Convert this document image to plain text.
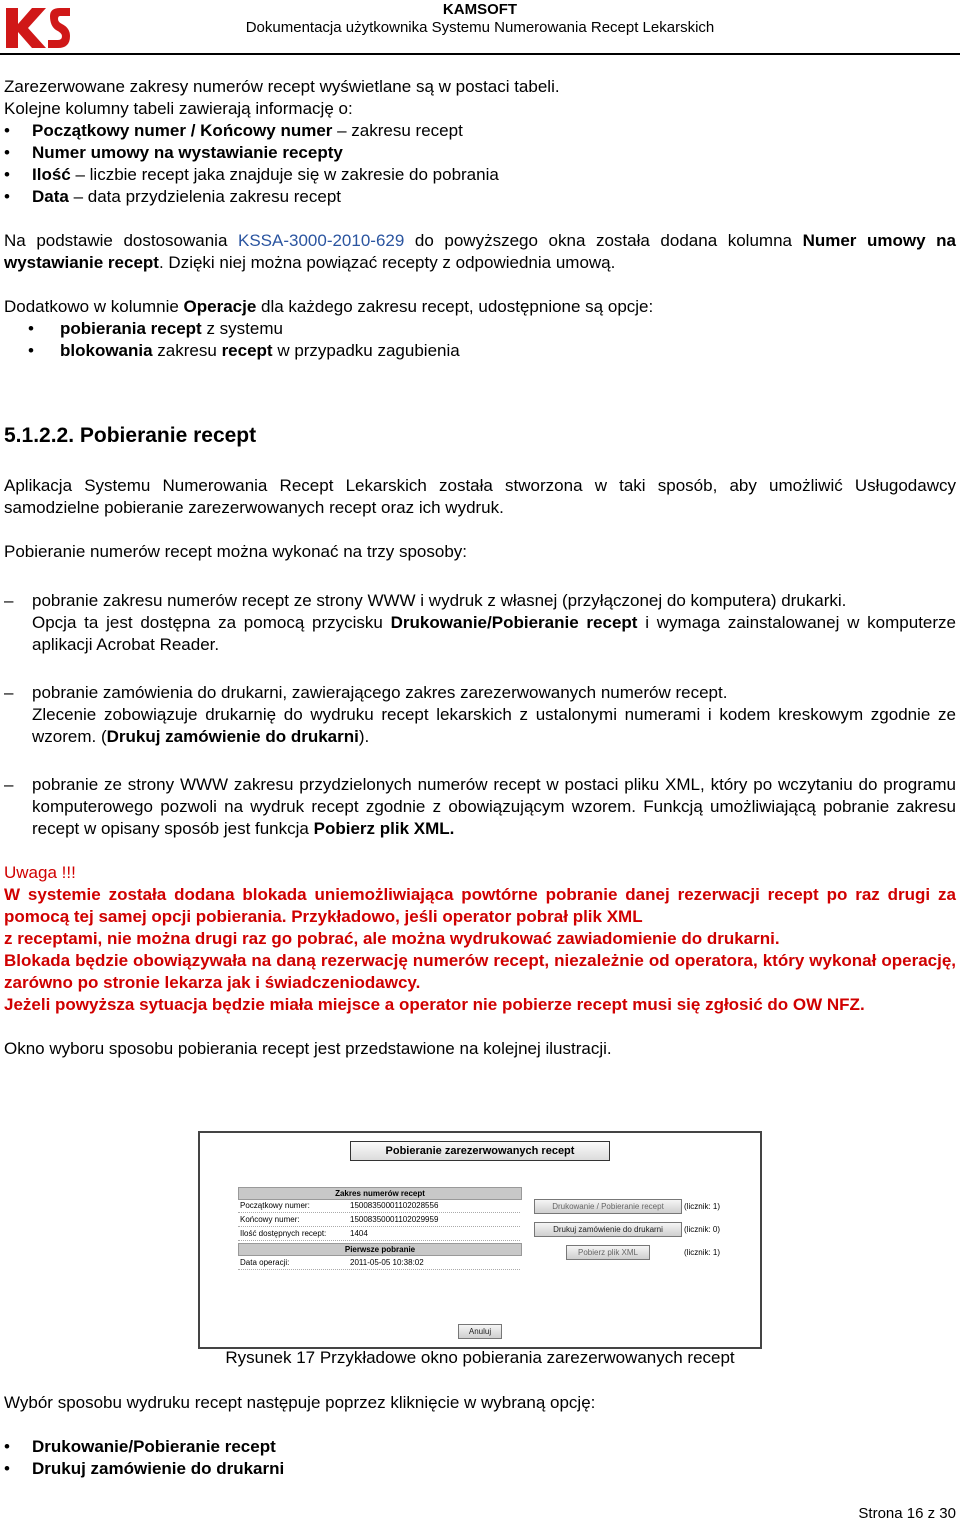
KAMSOFT
Dokumentacja użytkownika Systemu Numerowania Recept Lekarskich

Zarezerwowane zakresy numerów recept wyświetlane są w postaci tabeli.

Kolejne kolumny tabeli zawierają informację o:

• Początkowy numer / Końcowy numer – zakresu recept
• Numer umowy na wystawianie recepty
• Ilość – liczbie recept jaka znajduje się w zakresie do pobrania
• Data – data przydzielenia zakresu recept

Na podstawie dostosowania KSSA-3000-2010-629 do powyższego okna została dodana kolumna Numer umowy na wystawianie recept. Dzięki niej można powiązać recepty z odpowiednia umową.

Dodatkowo w kolumnie Operacje dla każdego zakresu recept, udostępnione są opcje:

• pobierania recept z systemu
• blokowania zakresu recept w przypadku zagubienia
5.1.2.2. Pobieranie recept

Aplikacja Systemu Numerowania Recept Lekarskich została stworzona w taki sposób, aby umożliwić Usługodawcy samodzielne pobieranie zarezerwowanych recept oraz ich wydruk.

Pobieranie numerów recept można wykonać na trzy sposoby:

– pobranie zakresu numerów recept ze strony WWW i wydruk z własnej (przyłączonej do komputera) drukarki.
Opcja ta jest dostępna za pomocą przycisku Drukowanie/Pobieranie recept i wymaga zainstalowanej w komputerze aplikacji Acrobat Reader.
– pobranie zamówienia do drukarni, zawierającego zakres zarezerwowanych numerów recept.
Zlecenie zobowiązuje drukarnię do wydruku recept lekarskich z ustalonymi numerami i kodem kreskowym zgodnie ze wzorem. (Drukuj zamówienie do drukarni).
– pobranie ze strony WWW zakresu przydzielonych numerów recept w postaci pliku XML, który po wczytaniu do programu komputerowego pozwoli na wydruk recept zgodnie z obowiązującym wzorem. Funkcją umożliwiającą pobranie zakresu recept w opisany sposób jest funkcja Pobierz plik XML.

Uwaga !!!

W systemie została dodana blokada uniemożliwiająca powtórne pobranie danej rezerwacji recept po raz drugi za pomocą tej samej opcji pobierania. Przykładowo, jeśli operator pobrał plik XML

z receptami, nie można drugi raz go pobrać, ale można wydrukować zawiadomienie do drukarni.

Blokada będzie obowiązywała na daną rezerwację numerów recept, niezależnie od operatora, który wykonał operację, zarówno po stronie lekarza jak i świadczeniodawcy.

Jeżeli powyższa sytuacja będzie miała miejsce a operator nie pobierze recept musi się zgłosić do OW NFZ.

Okno wyboru sposobu pobierania recept jest przedstawione na kolejnej ilustracji.

Pobieranie zarezerwowanych recept
Zakres numerów recept
Początkowy numer:	150083500011020​28556
Końcowy numer:	15008350001102029959
Ilość dostępnych recept:	1404
Pierwsze pobranie
Data operacji:	2011-05-05 10:38:02
Drukowanie / Pobieranie recept	(licznik: 1)
Drukuj zamówienie do drukarni	(licznik: 0)
Pobierz plik XML	(licznik: 1)
Anuluj
Rysunek 17 Przykładowe okno pobierania zarezerwowanych recept

Wybór sposobu wydruku recept następuje poprzez kliknięcie w wybraną opcję:

• Drukowanie/Pobieranie recept
• Drukuj zamówienie do drukarni
Strona 16 z 30
